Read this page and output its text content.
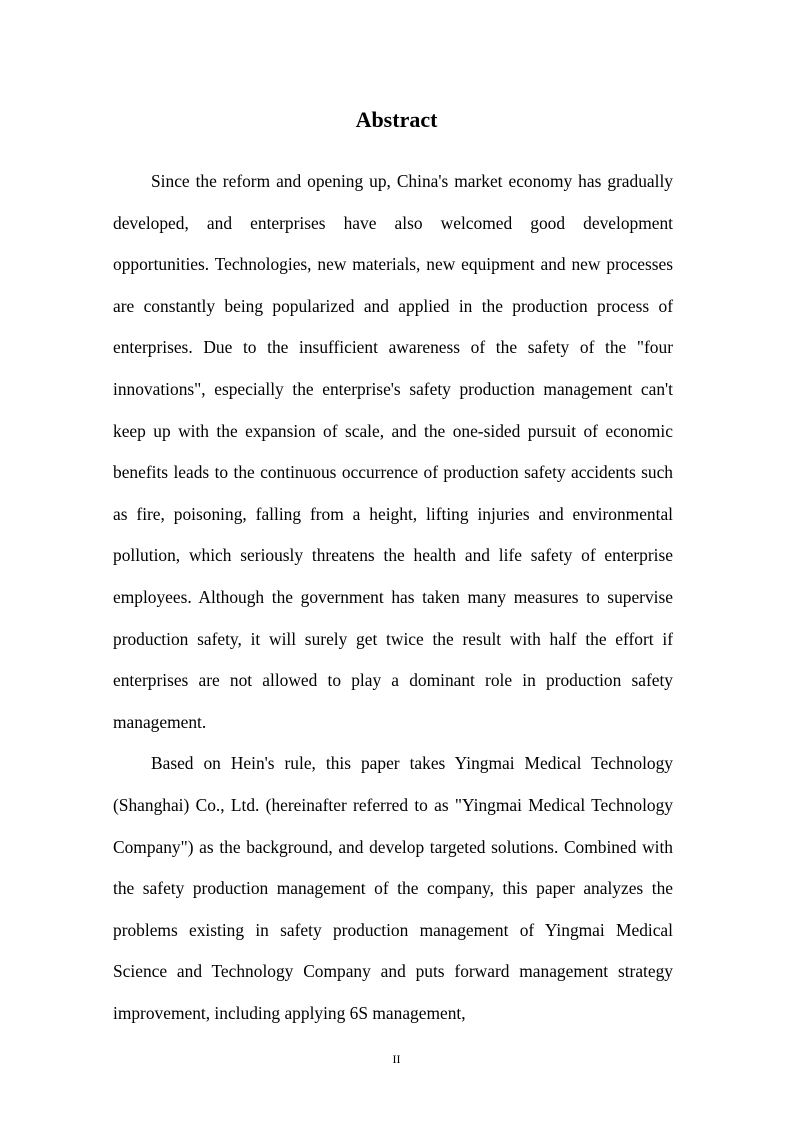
Abstract

Since the reform and opening up, China's market economy has gradually developed, and enterprises have also welcomed good development opportunities. Technologies, new materials, new equipment and new processes are constantly being popularized and applied in the production process of enterprises. Due to the insufficient awareness of the safety of the "four innovations", especially the enterprise's safety production management can't keep up with the expansion of scale, and the one-sided pursuit of economic benefits leads to the continuous occurrence of production safety accidents such as fire, poisoning, falling from a height, lifting injuries and environmental pollution, which seriously threatens the health and life safety of enterprise employees. Although the government has taken many measures to supervise production safety, it will surely get twice the result with half the effort if enterprises are not allowed to play a dominant role in production safety management.

Based on Hein's rule, this paper takes Yingmai Medical Technology (Shanghai) Co., Ltd. (hereinafter referred to as "Yingmai Medical Technology Company") as the background, and develop targeted solutions. Combined with the safety production management of the company, this paper analyzes the problems existing in safety production management of Yingmai Medical Science and Technology Company and puts forward management strategy improvement, including applying 6S management,

II
